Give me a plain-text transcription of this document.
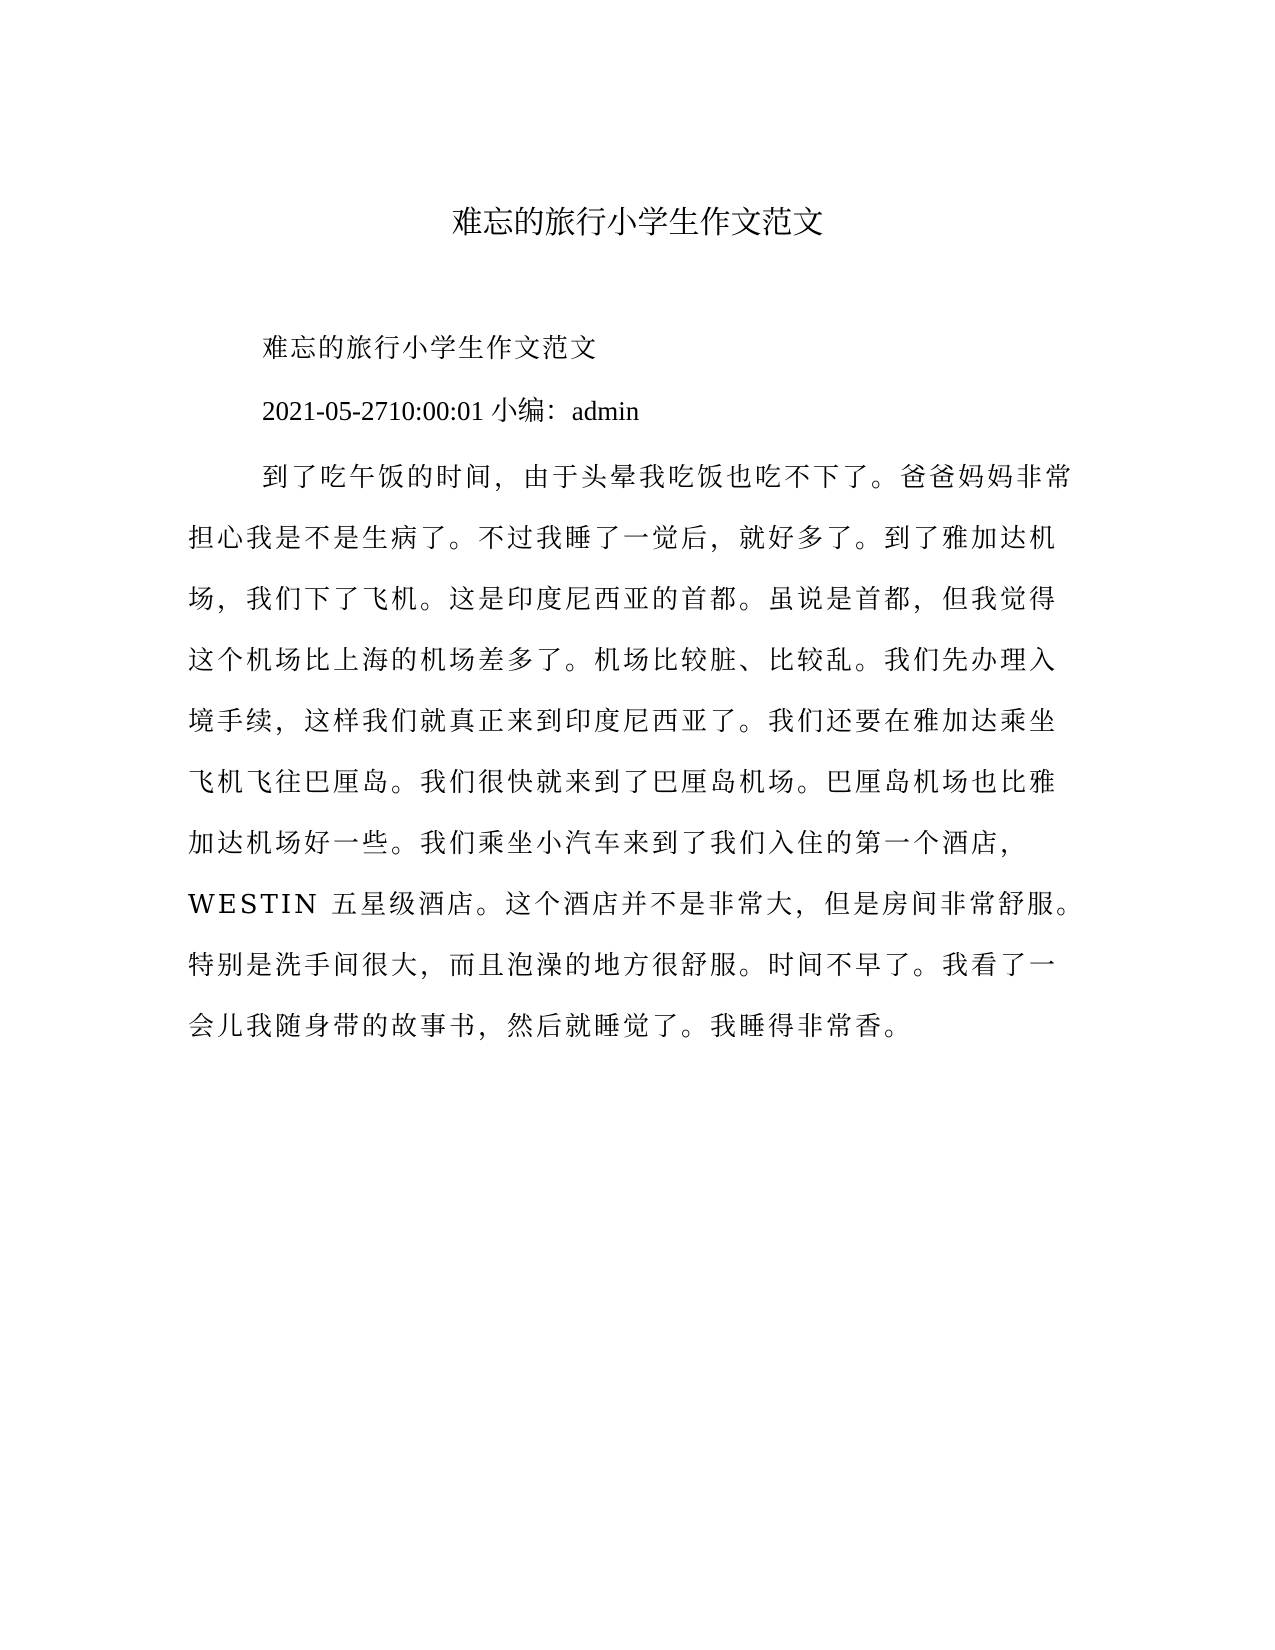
难忘的旅行小学生作文范文
难忘的旅行小学生作文范文
2021-05-2710:00:01 小编：admin
到了吃午饭的时间，由于头晕我吃饭也吃不下了。爸爸妈妈非常
担心我是不是生病了。不过我睡了一觉后，就好多了。到了雅加达机
场，我们下了飞机。这是印度尼西亚的首都。虽说是首都，但我觉得
这个机场比上海的机场差多了。机场比较脏、比较乱。我们先办理入
境手续，这样我们就真正来到印度尼西亚了。我们还要在雅加达乘坐
飞机飞往巴厘岛。我们很快就来到了巴厘岛机场。巴厘岛机场也比雅
加达机场好一些。我们乘坐小汽车来到了我们入住的第一个酒店，
WESTIN 五星级酒店。这个酒店并不是非常大，但是房间非常舒服。
特别是洗手间很大，而且泡澡的地方很舒服。时间不早了。我看了一
会儿我随身带的故事书，然后就睡觉了。我睡得非常香。
